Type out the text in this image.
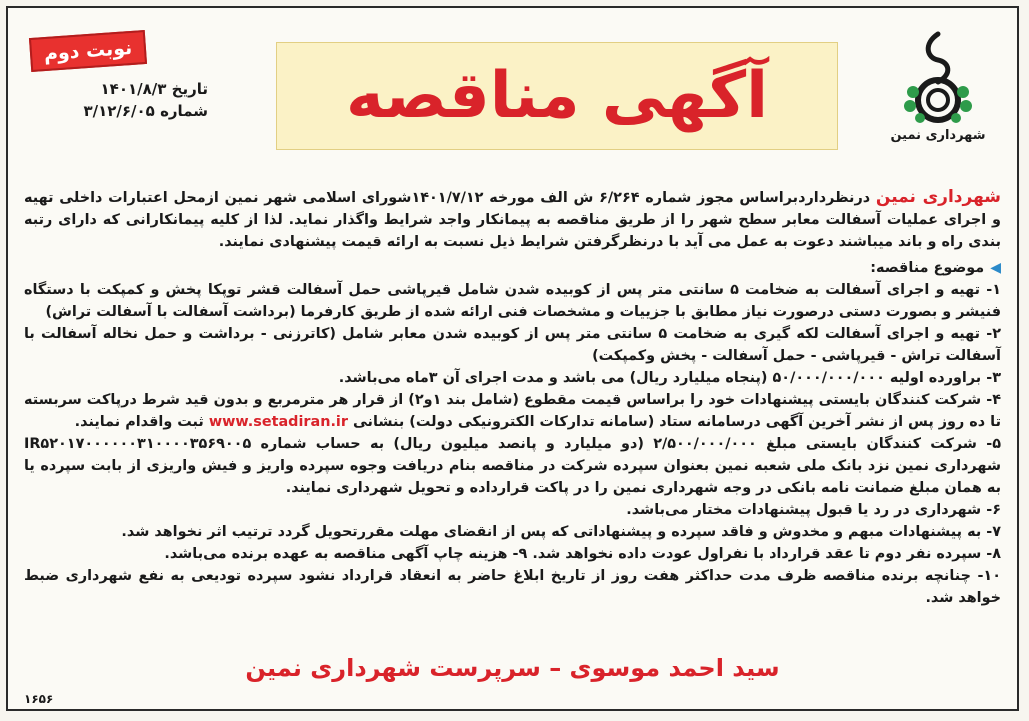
نوبت دوم
تاریخ ۱۴۰۱/۸/۳
شماره ۳/۱۲/۶/۰۵ آگهی مناقصه
شهرداری نمین

شهرداری نمین درنظرداردبراساس مجوز شماره ۶/۲۶۴ ش الف مورخه ۱۴۰۱/۷/۱۲شورای اسلامی شهر نمین ازمحل اعتبارات داخلی تهیه و اجرای عملیات آسفالت معابر سطح شهر را از طریق مناقصه به پیمانکار واجد شرایط واگذار نماید. لذا از کلیه پیمانکارانی که دارای رتبه بندی راه و باند میباشند دعوت به عمل می آید با درنظرگرفتن شرایط ذیل نسبت به ارائه قیمت پیشنهادی نمایند.

◀
موضوع مناقصه:
۱- تهیه و اجرای آسفالت به ضخامت ۵ سانتی متر پس از کوبیده شدن شامل قیرپاشی حمل آسفالت قشر توپکا پخش و کمپکت با دستگاه فنیشر و بصورت دستی درصورت نیاز مطابق با جزییات و مشخصات فنی ارائه شده از طریق کارفرما (برداشت آسفالت با آسفالت تراش)
۲- تهیه و اجرای آسفالت لکه گیری به ضخامت ۵ سانتی متر پس از کوبیده شدن معابر شامل (کاترزنی - برداشت و حمل نخاله آسفالت با آسفالت تراش - قیرپاشی - حمل آسفالت - پخش وکمپکت)
۳- براورده اولیه ۵۰/۰۰۰/۰۰۰/۰۰۰ (پنجاه میلیارد ریال) می باشد و مدت اجرای آن ۳ماه می‌باشد.
۴- شرکت کنندگان بایستی پیشنهادات خود را براساس قیمت مقطوع (شامل بند ۱و۲) از قرار هر مترمربع و بدون قید شرط درپاکت سربسته تا ده روز پس از نشر آخرین آگهی درسامانه ستاد (سامانه تدارکات الکترونیکی دولت) بنشانی www.setadiran.ir ثبت واقدام نمایند.
۵- شرکت کنندگان بایستی مبلغ ۲/۵۰۰/۰۰۰/۰۰۰ (دو میلیارد و پانصد میلیون ریال) به حساب شماره IR۵۲۰۱۷۰۰۰۰۰۰۳۱۰۰۰۰۳۵۶۹۰۰۵ شهرداری نمین نزد بانک ملی شعبه نمین بعنوان سپرده شرکت در مناقصه بنام دریافت وجوه سپرده واریز و فیش واریزی از بابت سپرده یا به همان مبلغ ضمانت نامه بانکی در وجه شهرداری نمین را در پاکت قرارداده و تحویل شهرداری نمایند.
۶- شهرداری در رد یا قبول پیشنهادات مختار می‌باشد.
۷- به پیشنهادات مبهم و مخدوش و فاقد سپرده و پیشنهاداتی که پس از انقضای مهلت مقررتحویل گردد ترتیب اثر نخواهد شد.
۸- سپرده نفر دوم تا عقد قرارداد با نفراول عودت داده نخواهد شد. ۹- هزینه چاپ آگهی مناقصه به عهده برنده می‌باشد.
۱۰- چنانچه برنده مناقصه ظرف مدت حداکثر هفت روز از تاریخ ابلاغ حاضر به انعقاد قرارداد نشود سپرده تودیعی به نفع شهرداری ضبط خواهد شد.
سید احمد موسوی – سرپرست شهرداری نمین
۱۶۵۶
